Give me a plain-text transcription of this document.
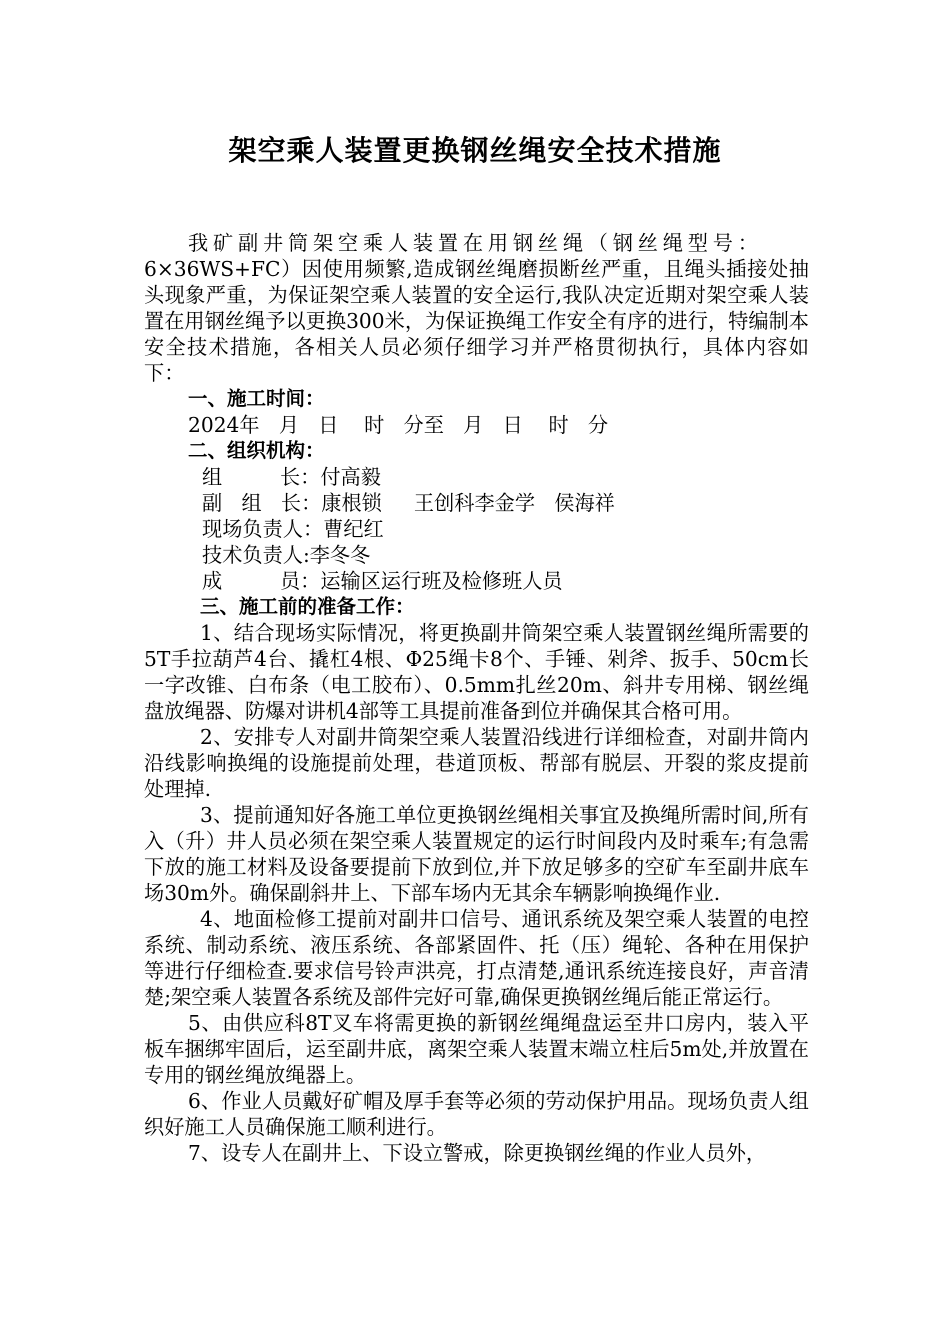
架空乘人装置更换钢丝绳安全技术措施

我矿副井筒架空乘人装置在用钢丝绳（钢丝绳型号：

6×36WS+FC）因使用频繁,造成钢丝绳磨损断丝严重，且绳头插接处抽头现象严重，为保证架空乘人装置的安全运行,我队决定近期对架空乘人装置在用钢丝绳予以更换300米，为保证换绳工作安全有序的进行，特编制本安全技术措施，各相关人员必须仔细学习并严格贯彻执行，具体内容如下：

一、施工时间：

2024年   月   日    时   分至   月   日    时   分

二、组织机构：

组         长：付高毅

副   组   长：康根锁     王创科李金学   侯海祥

现场负责人：曹纪红

技术负责人:李冬冬

成         员：运输区运行班及检修班人员

三、施工前的准备工作：

1、结合现场实际情况，将更换副井筒架空乘人装置钢丝绳所需要的5T手拉葫芦4台、撬杠4根、Φ25绳卡8个、手锤、剁斧、扳手、50cm长一字改锥、白布条（电工胶布）、0.5mm扎丝20m、斜井专用梯、钢丝绳盘放绳器、防爆对讲机4部等工具提前准备到位并确保其合格可用。

2、安排专人对副井筒架空乘人装置沿线进行详细检查，对副井筒内沿线影响换绳的设施提前处理，巷道顶板、帮部有脱层、开裂的浆皮提前处理掉.

3、提前通知好各施工单位更换钢丝绳相关事宜及换绳所需时间,所有入（升）井人员必须在架空乘人装置规定的运行时间段内及时乘车;有急需下放的施工材料及设备要提前下放到位,并下放足够多的空矿车至副井底车场30m外。确保副斜井上、下部车场内无其余车辆影响换绳作业.

4、地面检修工提前对副井口信号、通讯系统及架空乘人装置的电控系统、制动系统、液压系统、各部紧固件、托（压）绳轮、各种在用保护等进行仔细检查.要求信号铃声洪亮，打点清楚,通讯系统连接良好，声音清楚;架空乘人装置各系统及部件完好可靠,确保更换钢丝绳后能正常运行。

5、由供应科8T叉车将需更换的新钢丝绳绳盘运至井口房内，装入平板车捆绑牢固后，运至副井底，离架空乘人装置末端立柱后5m处,并放置在专用的钢丝绳放绳器上。

6、作业人员戴好矿帽及厚手套等必须的劳动保护用品。现场负责人组织好施工人员确保施工顺利进行。

7、设专人在副井上、下设立警戒，除更换钢丝绳的作业人员外，
